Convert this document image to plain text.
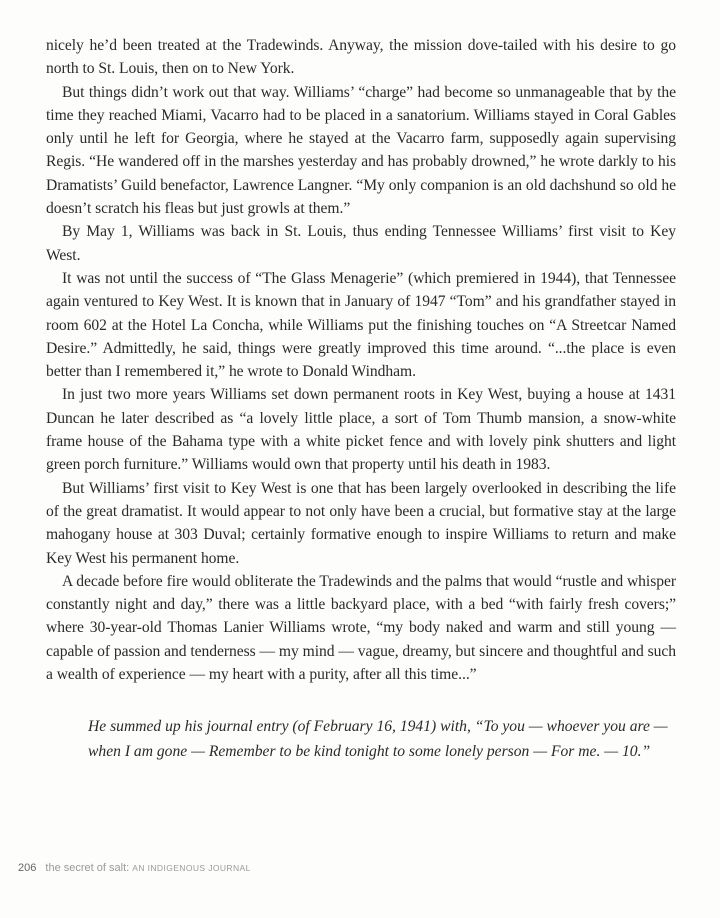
nicely he’d been treated at the Tradewinds. Anyway, the mission dove-tailed with his desire to go north to St. Louis, then on to New York.

But things didn’t work out that way. Williams’ “charge” had become so unmanageable that by the time they reached Miami, Vacarro had to be placed in a sanatorium. Williams stayed in Coral Gables only until he left for Georgia, where he stayed at the Vacarro farm, supposedly again supervising Regis. “He wandered off in the marshes yesterday and has probably drowned,” he wrote darkly to his Dramatists’ Guild benefactor, Lawrence Langner. “My only companion is an old dachshund so old he doesn’t scratch his fleas but just growls at them.”

By May 1, Williams was back in St. Louis, thus ending Tennessee Williams’ first visit to Key West.

It was not until the success of “The Glass Menagerie” (which premiered in 1944), that Tennessee again ventured to Key West. It is known that in January of 1947 “Tom” and his grandfather stayed in room 602 at the Hotel La Concha, while Williams put the finishing touches on “A Streetcar Named Desire.” Admittedly, he said, things were greatly improved this time around. “...the place is even better than I remembered it,” he wrote to Donald Windham.

In just two more years Williams set down permanent roots in Key West, buying a house at 1431 Duncan he later described as “a lovely little place, a sort of Tom Thumb mansion, a snow-white frame house of the Bahama type with a white picket fence and with lovely pink shutters and light green porch furniture.” Williams would own that property until his death in 1983.

But Williams’ first visit to Key West is one that has been largely overlooked in describing the life of the great dramatist. It would appear to not only have been a crucial, but formative stay at the large mahogany house at 303 Duval; certainly formative enough to inspire Williams to return and make Key West his permanent home.

A decade before fire would obliterate the Tradewinds and the palms that would “rustle and whisper constantly night and day,” there was a little backyard place, with a bed “with fairly fresh covers;” where 30-year-old Thomas Lanier Williams wrote, “my body naked and warm and still young — capable of passion and tenderness — my mind — vague, dreamy, but sincere and thoughtful and such a wealth of experience — my heart with a purity, after all this time...”

He summed up his journal entry (of February 16, 1941) with, “To you — whoever you are — when I am gone — Remember to be kind tonight to some lonely person — For me. — 10.”

206 the secret of salt: AN INDIGENOUS JOURNAL
